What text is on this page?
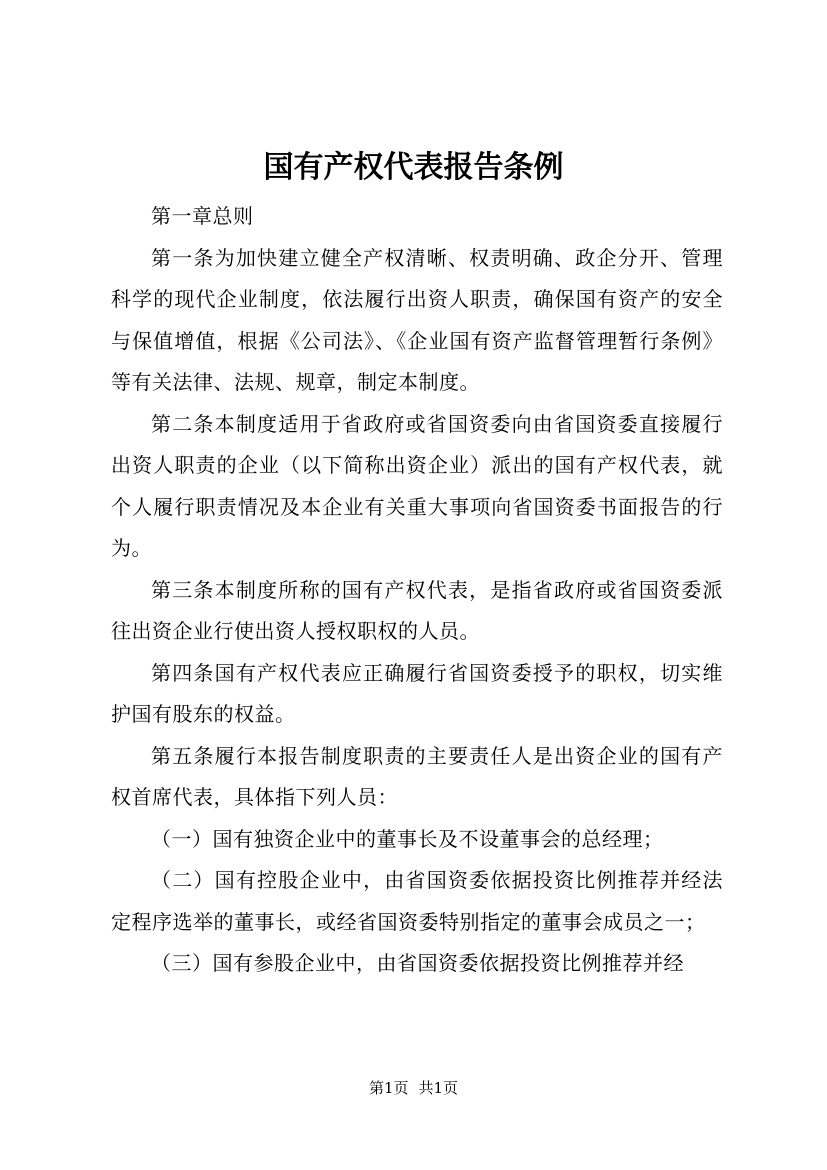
国有产权代表报告条例

第一章总则

第一条为加快建立健全产权清晰、权责明确、政企分开、管理科学的现代企业制度，依法履行出资人职责，确保国有资产的安全与保值增值，根据《公司法》、《企业国有资产监督管理暂行条例》等有关法律、法规、规章，制定本制度。

第二条本制度适用于省政府或省国资委向由省国资委直接履行出资人职责的企业（以下简称出资企业）派出的国有产权代表，就个人履行职责情况及本企业有关重大事项向省国资委书面报告的行为。

第三条本制度所称的国有产权代表，是指省政府或省国资委派往出资企业行使出资人授权职权的人员。

第四条国有产权代表应正确履行省国资委授予的职权，切实维护国有股东的权益。

第五条履行本报告制度职责的主要责任人是出资企业的国有产权首席代表，具体指下列人员：

（一）国有独资企业中的董事长及不设董事会的总经理；

（二）国有控股企业中，由省国资委依据投资比例推荐并经法定程序选举的董事长，或经省国资委特别指定的董事会成员之一；

（三）国有参股企业中，由省国资委依据投资比例推荐并经

第1页 共1页
